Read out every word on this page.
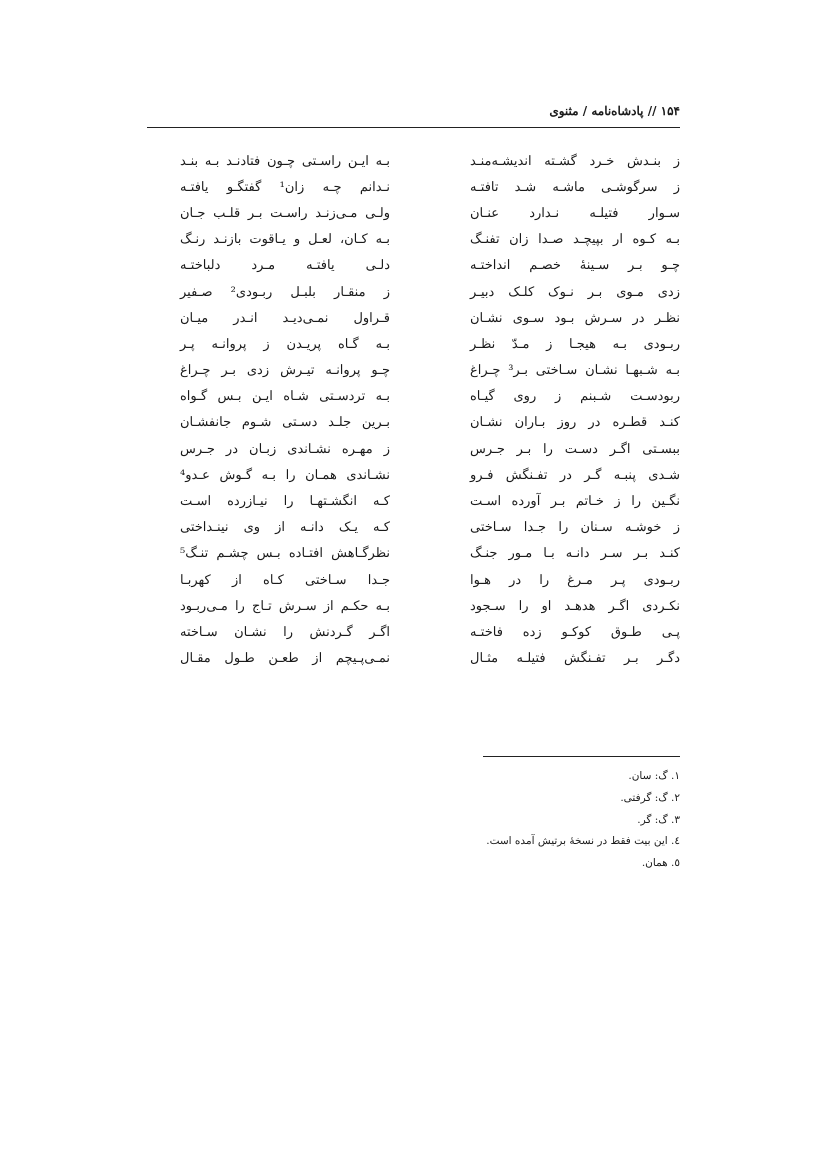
۱۵۴ // پادشاه‌نامه / مثنوی
ز بنـدش خـرد گشـته اندیشـه‌منـد
بـه ایـن راسـتی چـون فتادنـد بـه بنـد
ز سرگوشـی ماشـه شـد تافتـه
نـدانم چـه زان¹ گفتگـو یافتـه
سـوار فتیلـه نـدارد عنـان
ولـی مـی‌زنـد راسـت بـر قلـب جـان
بـه کـوه ار بپیچـد صـدا زان تفنـگ
بـه کـان، لعـل و یـاقوت بازنـد رنـگ
چـو بـر سـینهٔ خصـم انداختـه
دلـی یافتـه مـرد دلباختـه
زدی مـوی بـر نـوک کلـک دبیـر
ز منقـار بلبـل ربـودی² صـفیر
نظـر در سـرش بـود سـوی نشـان
قـراول نمـی‌دیـد انـدر میـان
ربـودی بـه هیجـا ز مـدّ نظـر
بـه گـاه پریـدن ز پروانـه پـر
بـه شـبهـا نشـان سـاختی بـر³ چـراغ
چـو پروانـه تیـرش زدی بـر چـراغ
ربودسـت شـبنم ز روی گیـاه
بـه تردسـتی شـاه ایـن بـس گـواه
کنـد قطـره در روز بـاران نشـان
بـرین جلـد دسـتی شـوم جانفشـان
ببسـتی اگـر دسـت را بـر جـرس
ز مهـره نشـاندی زبـان در جـرس
شـدی پنبـه گـر در تفـنگش فـرو
نشـاندی همـان را بـه گـوش عـدو⁴
نگـین را ز خـاتم بـر آورده اسـت
کـه انگشـتهـا را نیـازرده اسـت
ز خوشـه سـنان را جـدا سـاختی
کـه یـک دانـه از وی نینـداختی
کنـد بـر سـر دانـه بـا مـور جنـگ
نظرگـاهش افتـاده بـس چشـم تنـگ⁵
ربـودی پـر مـرغ را در هـوا
جـدا سـاختی کـاه از کهربـا
نکـردی اگـر هدهـد او را سـجود
بـه حکـم از سـرش تـاج را مـی‌ربـود
پـی طـوق کوکـو زده فاختـه
اگـر گـردنش را نشـان سـاخته
دگـر بـر تفـنگش فتیلـه مثـال
نمـی‌پـیچم از طعـن طـول مقـال
۱. گ: سان.
۲. گ: گرفتی.
۳. گ: گر.
٤. این بیت فقط در نسخهٔ برتیش آمده است.
٥. همان.
